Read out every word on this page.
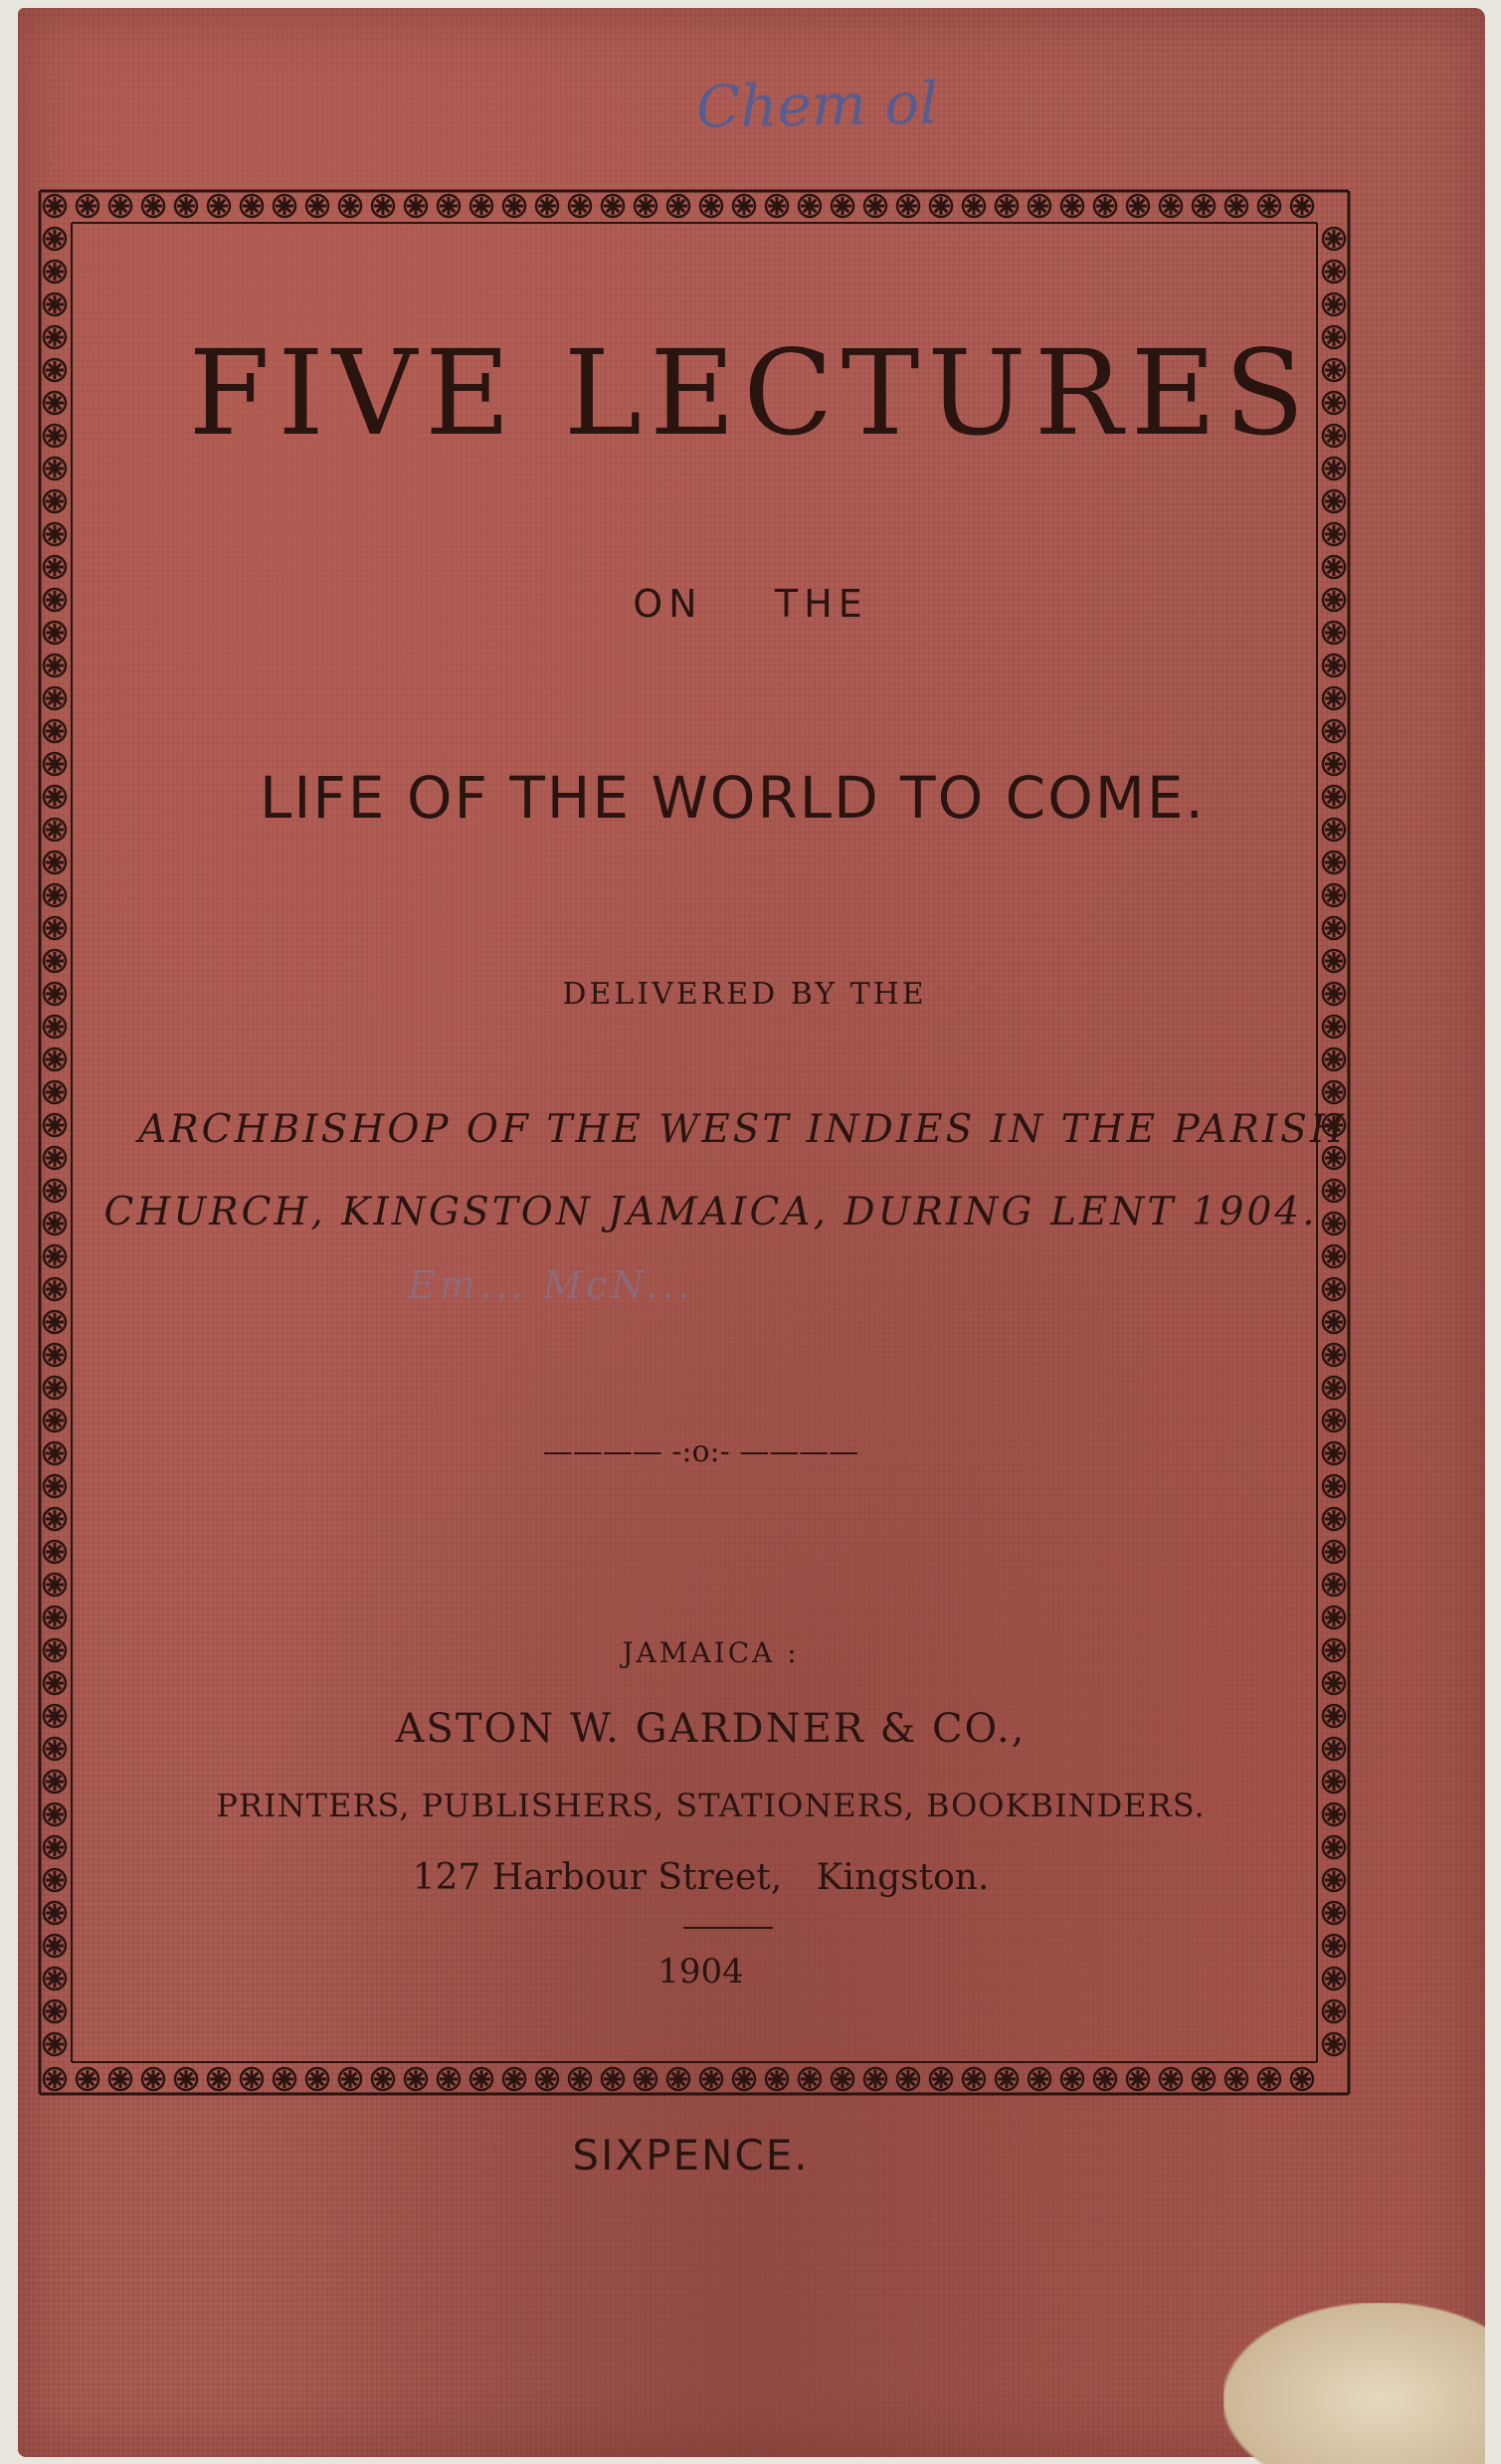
Chem ol
FIVE LECTURES
ON    THE
LIFE OF THE WORLD TO COME.
DELIVERED BY THE
ARCHBISHOP OF THE WEST INDIES IN THE PARISH
CHURCH, KINGSTON JAMAICA, DURING LENT 1904.
Em... McN...
———— -:o:- ————
JAMAICA :
ASTON W. GARDNER & CO.,
PRINTERS, PUBLISHERS, STATIONERS, BOOKBINDERS.
127 Harbour Street,   Kingston.
1904
SIXPENCE.
